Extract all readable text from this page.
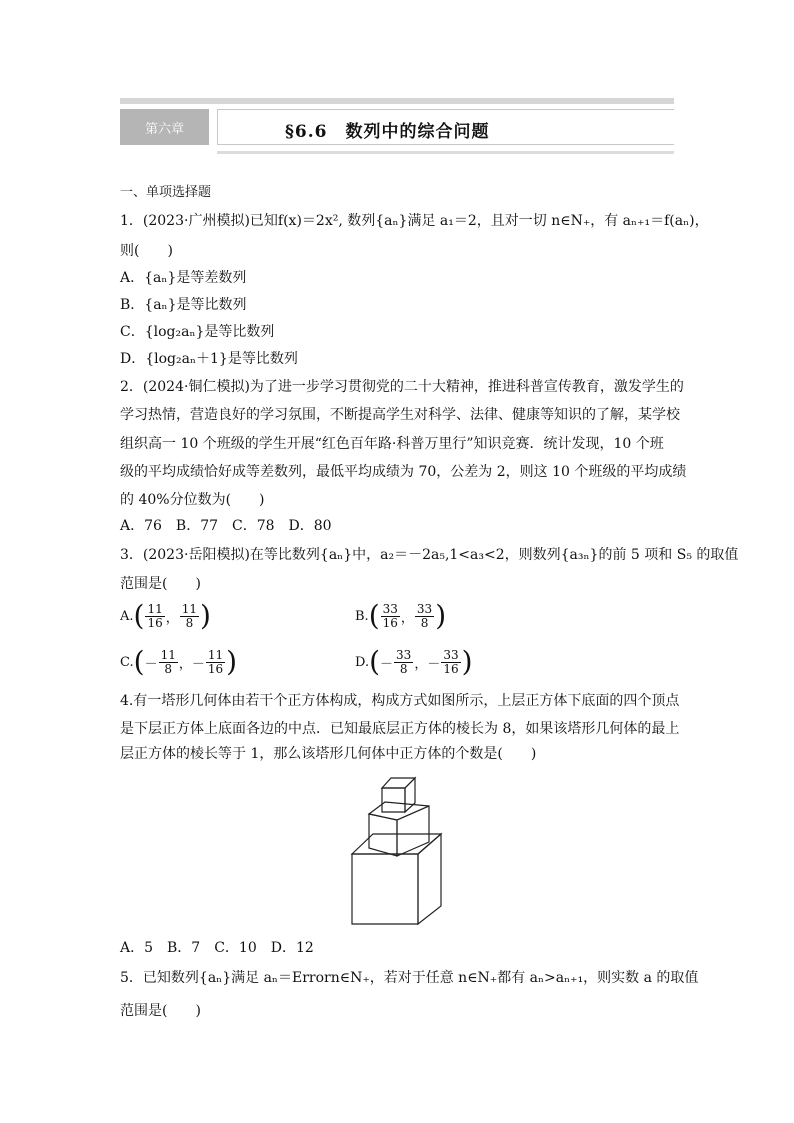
第六章	§6.6　数列中的综合问题
一、单项选择题
1．(2023·广州模拟)已知f(x)＝2x², 数列{aₙ}满足 a₁＝2，且对一切 n∈N₊，有 aₙ₊₁＝f(aₙ)，
则(　　)
A．{aₙ}是等差数列
B．{aₙ}是等比数列
C．{log₂aₙ}是等比数列
D．{log₂aₙ＋1}是等比数列
2．(2024·铜仁模拟)为了进一步学习贯彻党的二十大精神，推进科普宣传教育，激发学生的
学习热情，营造良好的学习氛围，不断提高学生对科学、法律、健康等知识的了解，某学校
组织高一 10 个班级的学生开展“红色百年路·科普万里行”知识竞赛．统计发现，10 个班
级的平均成绩恰好成等差数列，最低平均成绩为 70，公差为 2，则这 10 个班级的平均成绩
的 40%分位数为(　　)
A．76　B．77　C．78　D．80
3．(2023·岳阳模拟)在等比数列{aₙ}中，a₂＝－2a₅,1<a₃<2，则数列{a₃ₙ}的前 5 项和 S₅ 的取值
范围是(　　)
A. ( $\frac{11}{16}$ ， $\frac{11}{8}$ )	B. ( $\frac{33}{16}$ ， $\frac{33}{8}$ )
C. ( － $\frac{11}{8}$ ， － $\frac{11}{16}$ )	D. ( － $\frac{33}{8}$ ， － $\frac{33}{16}$ )
4.有一塔形几何体由若干个正方体构成，构成方式如图所示，上层正方体下底面的四个顶点
是下层正方体上底面各边的中点．已知最底层正方体的棱长为 8，如果该塔形几何体的最上
层正方体的棱长等于 1，那么该塔形几何体中正方体的个数是(　　)
A．5　B．7　C．10　D．12
5．已知数列{aₙ}满足 aₙ＝Errorn∈N₊，若对于任意 n∈N₊都有 aₙ>aₙ₊₁，则实数 a 的取值
范围是(　　)
